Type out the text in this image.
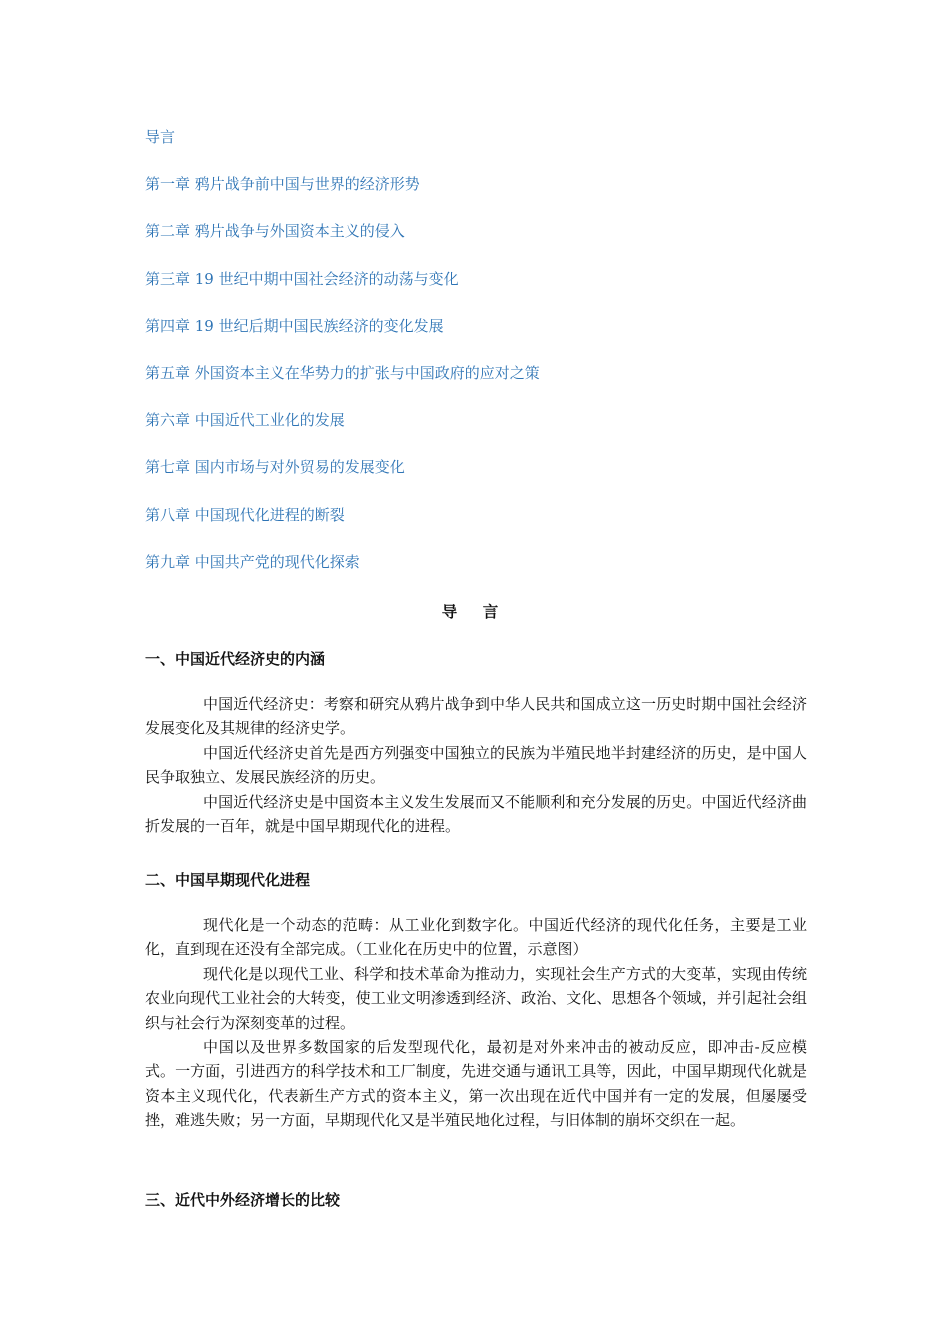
导言
第一章 鸦片战争前中国与世界的经济形势
第二章 鸦片战争与外国资本主义的侵入
第三章 19 世纪中期中国社会经济的动荡与变化
第四章 19 世纪后期中国民族经济的变化发展
第五章 外国资本主义在华势力的扩张与中国政府的应对之策
第六章 中国近代工业化的发展
第七章 国内市场与对外贸易的发展变化
第八章 中国现代化进程的断裂
第九章 中国共产党的现代化探索
导 言
一、中国近代经济史的内涵

中国近代经济史：考察和研究从鸦片战争到中华人民共和国成立这一历史时期中国社会经济发展变化及其规律的经济史学。

中国近代经济史首先是西方列强变中国独立的民族为半殖民地半封建经济的历史，是中国人民争取独立、发展民族经济的历史。

中国近代经济史是中国资本主义发生发展而又不能顺利和充分发展的历史。中国近代经济曲折发展的一百年，就是中国早期现代化的进程。

二、中国早期现代化进程

现代化是一个动态的范畴：从工业化到数字化。中国近代经济的现代化任务，主要是工业化，直到现在还没有全部完成。（工业化在历史中的位置，示意图）

现代化是以现代工业、科学和技术革命为推动力，实现社会生产方式的大变革，实现由传统农业向现代工业社会的大转变，使工业文明渗透到经济、政治、文化、思想各个领域，并引起社会组织与社会行为深刻变革的过程。

中国以及世界多数国家的后发型现代化，最初是对外来冲击的被动反应，即冲击-反应模式。一方面，引进西方的科学技术和工厂制度，先进交通与通讯工具等，因此，中国早期现代化就是资本主义现代化，代表新生产方式的资本主义，第一次出现在近代中国并有一定的发展，但屡屡受挫，难逃失败；另一方面，早期现代化又是半殖民地化过程，与旧体制的崩坏交织在一起。

三、近代中外经济增长的比较
